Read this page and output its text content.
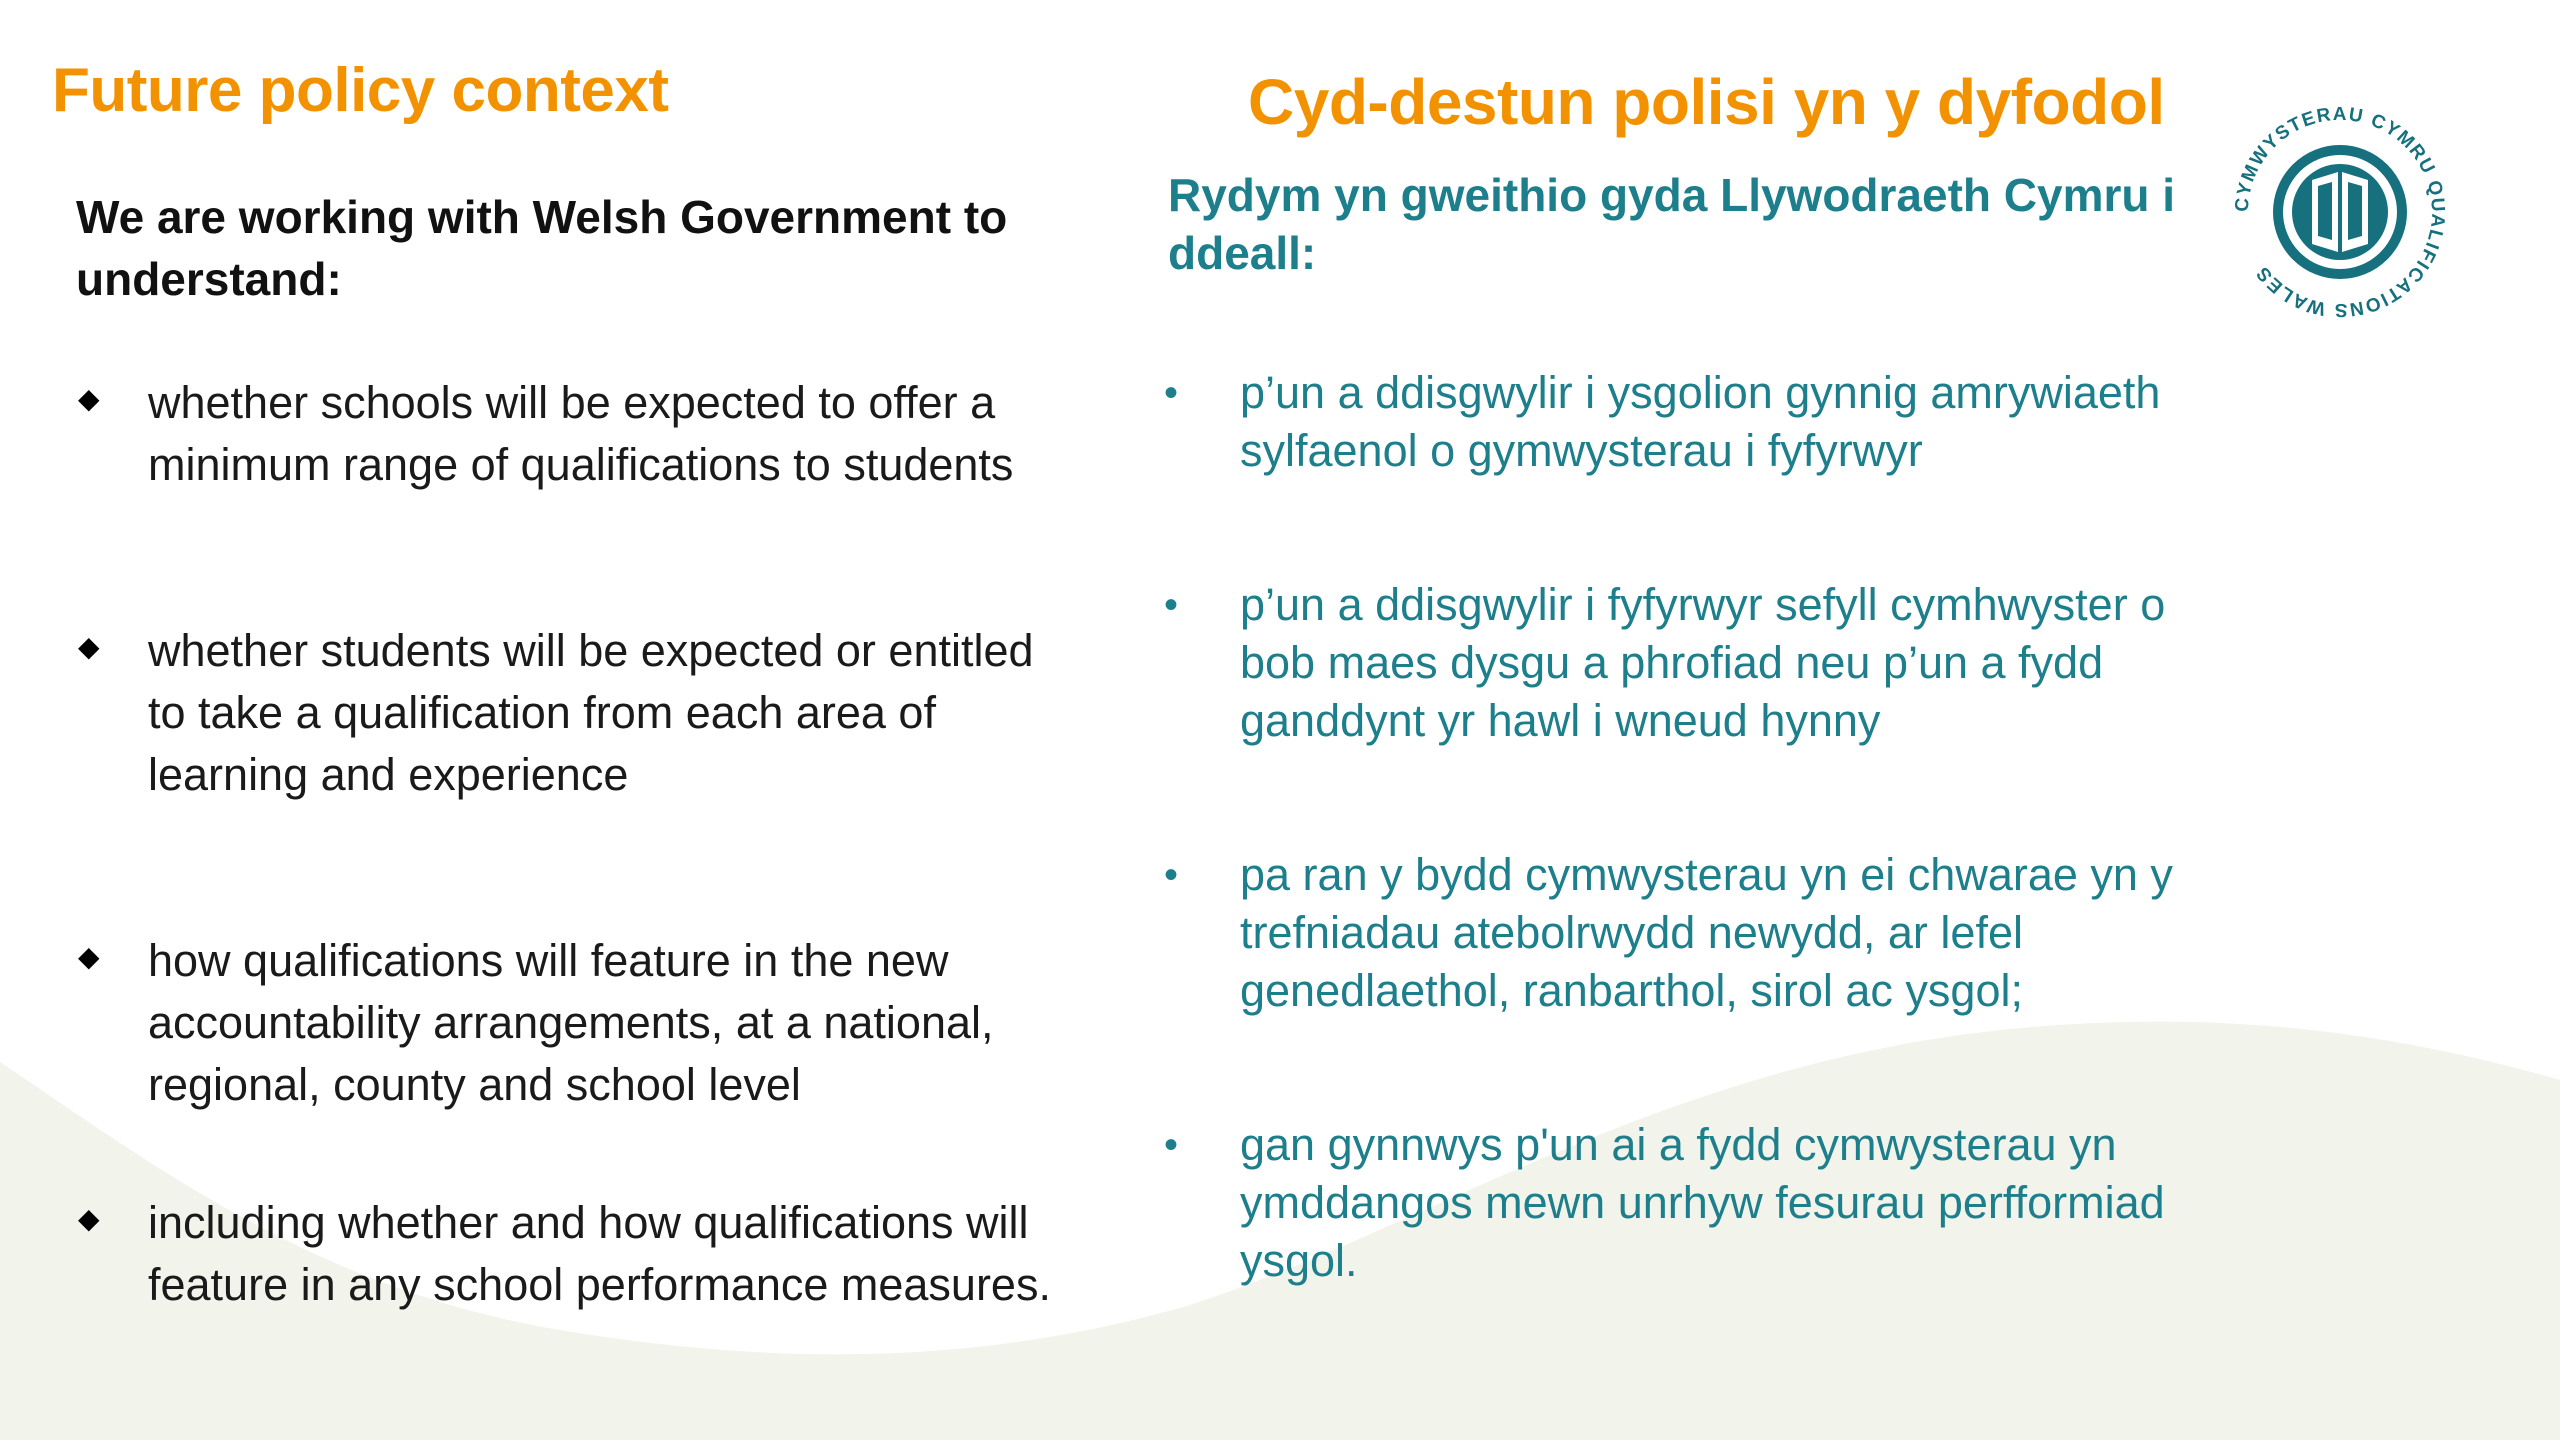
Future policy context	Cyd-destun polisi yn y dyfodol

We are working with Welsh Government to understand:

Rydym yn gweithio gyda Llywodraeth Cymru i ddeall:

◆ whether schools will be expected to offer a minimum range of qualifications to students
◆ whether students will be expected or entitled to take a qualification from each area of learning and experience
◆ how qualifications will feature in the new accountability arrangements, at a national, regional, county and school level
◆ including whether and how qualifications will feature in any school performance measures.
• p’un a ddisgwylir i ysgolion gynnig amrywiaeth sylfaenol o gymwysterau i fyfyrwyr
• p’un a ddisgwylir i fyfyrwyr sefyll cymhwyster o bob maes dysgu a phrofiad neu p’un a fydd ganddynt yr hawl i wneud hynny
• pa ran y bydd cymwysterau yn ei chwarae yn y trefniadau atebolrwydd newydd, ar lefel genedlaethol, ranbarthol, sirol ac ysgol;
• gan gynnwys p'un ai a fydd cymwysterau yn ymddangos mewn unrhyw fesurau perfformiad ysgol.
CYMWYSTERAU CYMRU QUALIFICATIONS WALES
